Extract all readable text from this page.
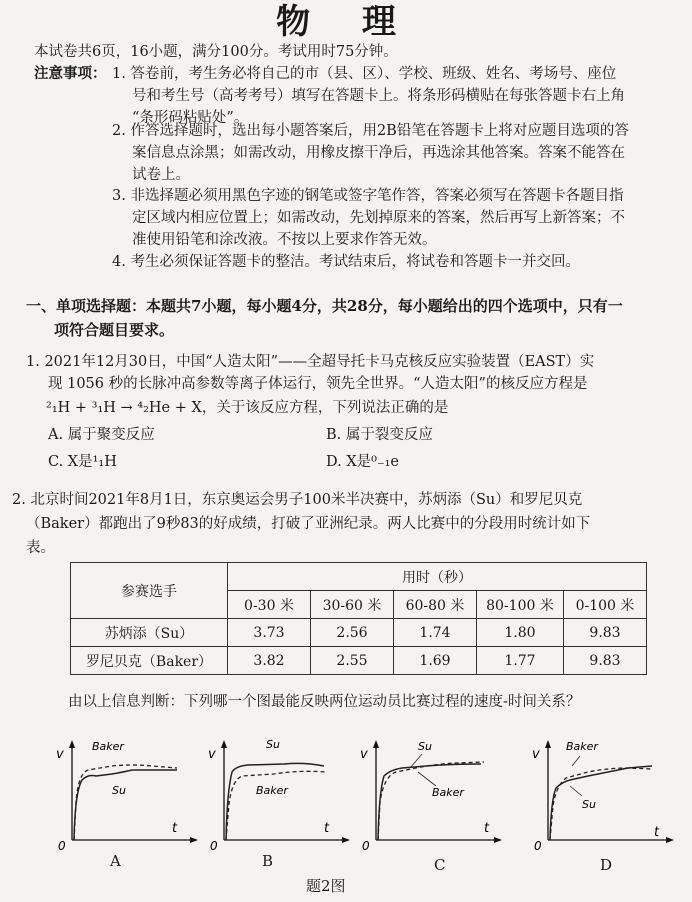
物 理
本试卷共6页，16小题，满分100分。考试用时75分钟。
注意事项： 1. 答卷前，考生务必将自己的市（县、区）、学校、班级、姓名、考场号、座位
号和考生号（高考考号）填写在答题卡上。将条形码横贴在每张答题卡右上角
“条形码粘贴处”。
2. 作答选择题时，选出每小题答案后，用2B铅笔在答题卡上将对应题目选项的答
案信息点涂黑；如需改动，用橡皮擦干净后，再选涂其他答案。答案不能答在
试卷上。
3. 非选择题必须用黑色字迹的钢笔或签字笔作答，答案必须写在答题卡各题目指
定区域内相应位置上；如需改动，先划掉原来的答案，然后再写上新答案；不
准使用铅笔和涂改液。不按以上要求作答无效。
4. 考生必须保证答题卡的整洁。考试结束后，将试卷和答题卡一并交回。
一、单项选择题：本题共7小题，每小题4分，共28分，每小题给出的四个选项中，只有一
项符合题目要求。
1. 2021年12月30日，中国“人造太阳”——全超导托卡马克核反应实验装置（EAST）实
现 1056 秒的长脉冲高参数等离子体运行，领先全世界。“人造太阳”的核反应方程是
²₁H + ³₁H → ⁴₂He + X，关于该反应方程，下列说法正确的是
A. 属于聚变反应	B. 属于裂变反应
C. X是¹₁H	D. X是⁰₋₁e
2. 北京时间2021年8月1日，东京奥运会男子100米半决赛中，苏炳添（Su）和罗尼贝克
（Baker）都跑出了9秒83的好成绩，打破了亚洲纪录。两人比赛中的分段用时统计如下
表。
参赛选手	用时（秒）				
	0-30 米	30-60 米	60-80 米	80-100 米	0-100 米
苏炳添（Su）	3.73	2.56	1.74	1.80	9.83
罗尼贝克（Baker）	3.82	2.55	1.69	1.77	9.83
由以上信息判断：下列哪一个图最能反映两位运动员比赛过程的速度-时间关系？
v
t
0
Baker
Su
A
v
t
0
Su
Baker
B
v
t
0
Su
Baker
C
v
t
0
Baker
Su
D
题2图
